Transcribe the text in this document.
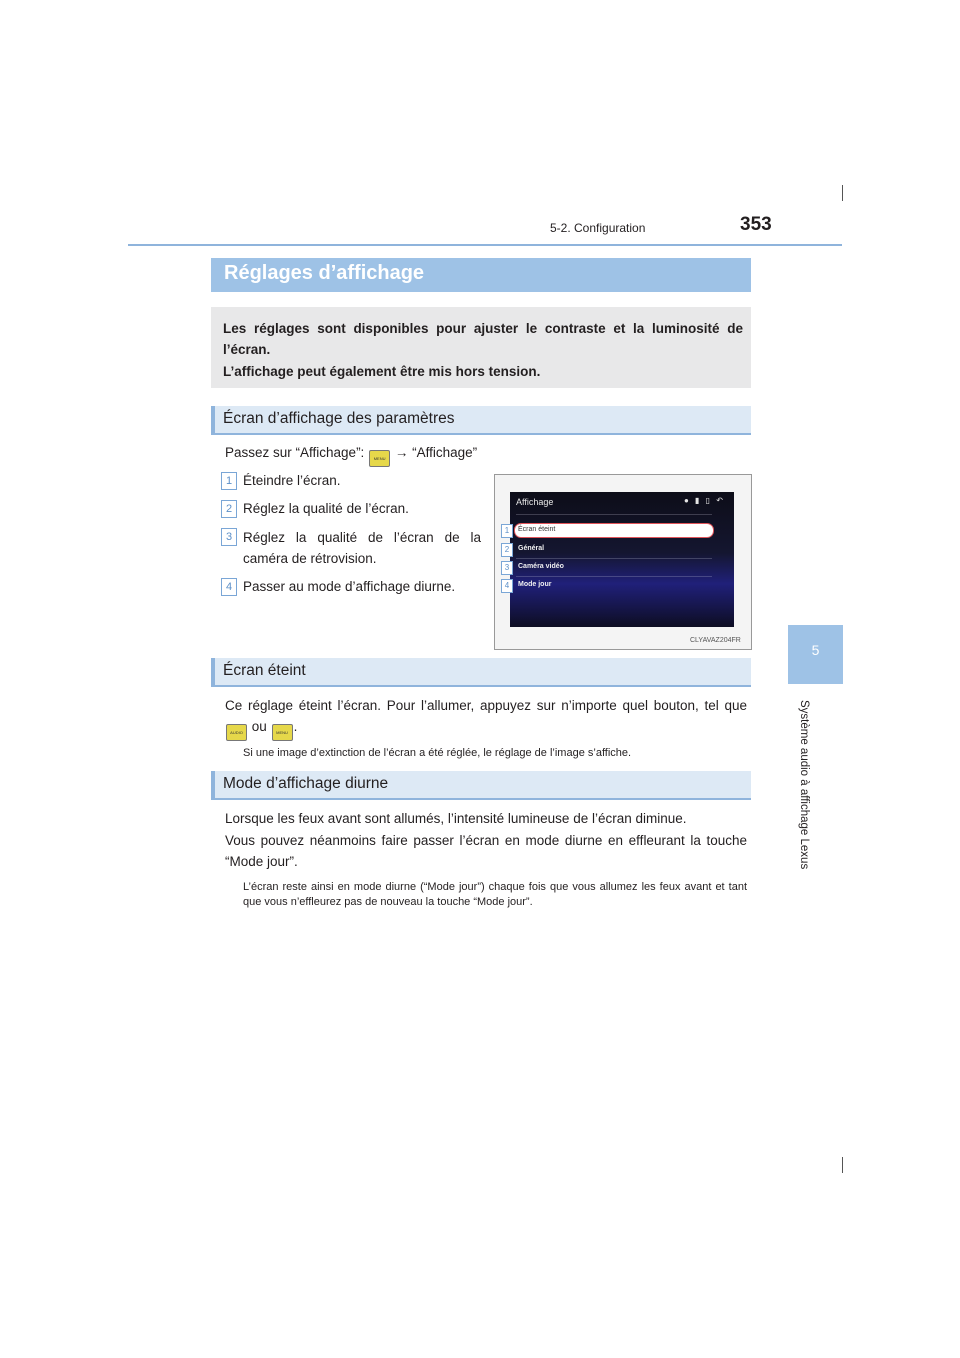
5-2. Configuration	353
5
Système audio à affichage Lexus
Réglages d’affichage
Les réglages sont disponibles pour ajuster le contraste et la luminosité de l’écran.
L’affichage peut également être mis hors tension.
Écran d’affichage des paramètres
Passez sur “Affichage”: MENU → “Affichage”
1 Éteindre l’écran.
2 Réglez la qualité de l’écran.
3 Réglez la qualité de l’écran de la caméra de rétrovision.
4 Passer au mode d’affichage diurne.
Affichage	● ▮ ▯ ↶
Écran éteint
Général
Caméra vidéo
Mode jour
1
2
3
4
CLYAVAZ204FR
Écran éteint
Ce réglage éteint l’écran. Pour l’allumer, appuyez sur n’importe quel bouton, tel que AUDIO ou MENU .
Si une image d’extinction de l’écran a été réglée, le réglage de l’image s’affiche.
Mode d’affichage diurne
Lorsque les feux avant sont allumés, l’intensité lumineuse de l’écran diminue.
Vous pouvez néanmoins faire passer l’écran en mode diurne en effleurant la touche “Mode jour”.
L’écran reste ainsi en mode diurne (“Mode jour”) chaque fois que vous allumez les feux avant et tant que vous n’effleurez pas de nouveau la touche “Mode jour”.
